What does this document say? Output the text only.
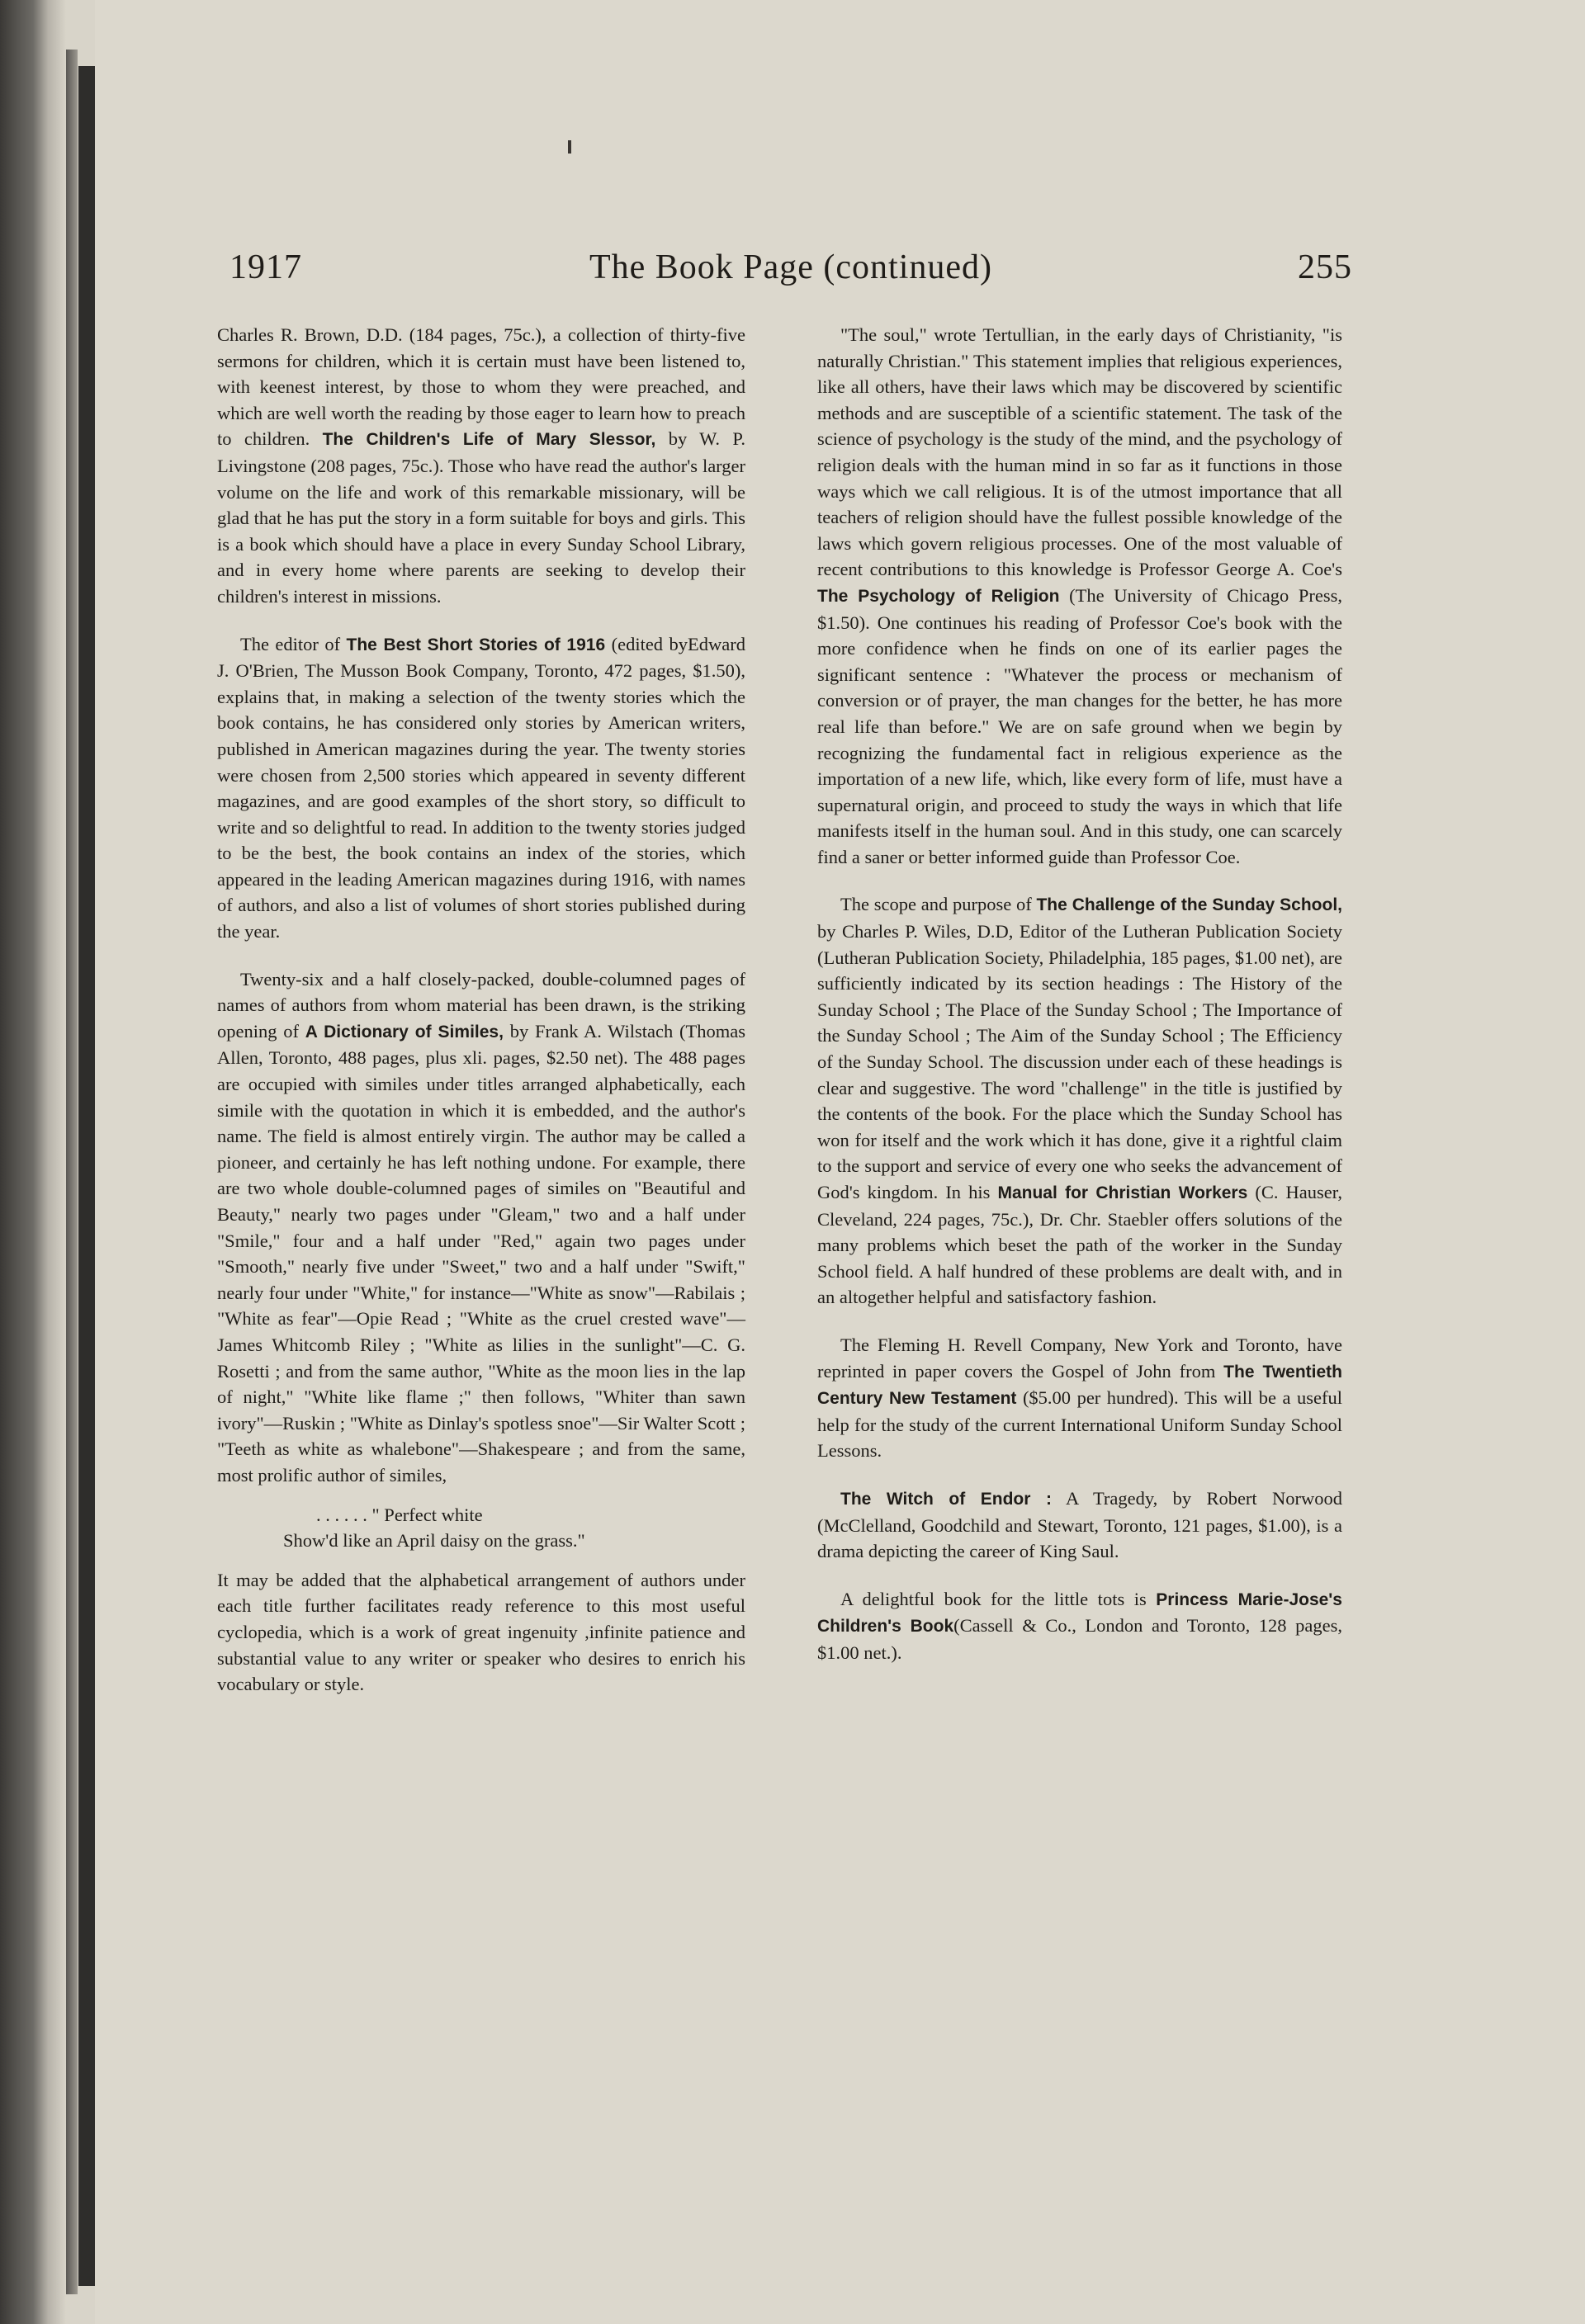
1917	The Book Page (continued)	255

Charles R. Brown, D.D. (184 pages, 75c.), a collection of thirty-five sermons for children, which it is certain must have been listened to, with keenest interest, by those to whom they were preached, and which are well worth the reading by those eager to learn how to preach to children. The Children's Life of Mary Slessor, by W. P. Livingstone (208 pages, 75c.). Those who have read the author's larger volume on the life and work of this remarkable missionary, will be glad that he has put the story in a form suitable for boys and girls. This is a book which should have a place in every Sunday School Library, and in every home where parents are seeking to develop their children's interest in missions.

The editor of The Best Short Stories of 1916 (edited byEdward J. O'Brien, The Musson Book Company, Toronto, 472 pages, $1.50), explains that, in making a selection of the twenty stories which the book contains, he has considered only stories by American writers, published in American magazines during the year. The twenty stories were chosen from 2,500 stories which appeared in seventy different magazines, and are good examples of the short story, so difficult to write and so delightful to read. In addition to the twenty stories judged to be the best, the book contains an index of the stories, which appeared in the leading American magazines during 1916, with names of authors, and also a list of volumes of short stories published during the year.

Twenty-six and a half closely-packed, double-columned pages of names of authors from whom material has been drawn, is the striking opening of A Dictionary of Similes, by Frank A. Wilstach (Thomas Allen, Toronto, 488 pages, plus xli. pages, $2.50 net). The 488 pages are occupied with similes under titles arranged alphabetically, each simile with the quotation in which it is embedded, and the author's name. The field is almost entirely virgin. The author may be called a pioneer, and certainly he has left nothing undone. For example, there are two whole double-columned pages of similes on "Beautiful and Beauty," nearly two pages under "Gleam," two and a half under "Smile," four and a half under "Red," again two pages under "Smooth," nearly five under "Sweet," two and a half under "Swift," nearly four under "White," for instance—"White as snow"—Rabilais ; "White as fear"—Opie Read ; "White as the cruel crested wave"—James Whitcomb Riley ; "White as lilies in the sunlight"—C. G. Rosetti ; and from the same author, "White as the moon lies in the lap of night," "White like flame ;" then follows, "Whiter than sawn ivory"—Ruskin ; "White as Dinlay's spotless snoe"—Sir Walter Scott ; "Teeth as white as whalebone"—Shakespeare ; and from the same, most prolific author of similes,

. . . . . . " Perfect white
Show'd like an April daisy on the grass."

It may be added that the alphabetical arrangement of authors under each title further facilitates ready reference to this most useful cyclopedia, which is a work of great ingenuity ,infinite patience and substantial value to any writer or speaker who desires to enrich his vocabulary or style.

"The soul," wrote Tertullian, in the early days of Christianity, "is naturally Christian." This statement implies that religious experiences, like all others, have their laws which may be discovered by scientific methods and are susceptible of a scientific statement. The task of the science of psychology is the study of the mind, and the psychology of religion deals with the human mind in so far as it functions in those ways which we call religious. It is of the utmost importance that all teachers of religion should have the fullest possible knowledge of the laws which govern religious processes. One of the most valuable of recent contributions to this knowledge is Professor George A. Coe's The Psychology of Religion (The University of Chicago Press, $1.50). One continues his reading of Professor Coe's book with the more confidence when he finds on one of its earlier pages the significant sentence : "Whatever the process or mechanism of conversion or of prayer, the man changes for the better, he has more real life than before." We are on safe ground when we begin by recognizing the fundamental fact in religious experience as the importation of a new life, which, like every form of life, must have a supernatural origin, and proceed to study the ways in which that life manifests itself in the human soul. And in this study, one can scarcely find a saner or better informed guide than Professor Coe.

The scope and purpose of The Challenge of the Sunday School, by Charles P. Wiles, D.D, Editor of the Lutheran Publication Society (Lutheran Publication Society, Philadelphia, 185 pages, $1.00 net), are sufficiently indicated by its section headings : The History of the Sunday School ; The Place of the Sunday School ; The Importance of the Sunday School ; The Aim of the Sunday School ; The Efficiency of the Sunday School. The discussion under each of these headings is clear and suggestive. The word "challenge" in the title is justified by the contents of the book. For the place which the Sunday School has won for itself and the work which it has done, give it a rightful claim to the support and service of every one who seeks the advancement of God's kingdom. In his Manual for Christian Workers (C. Hauser, Cleveland, 224 pages, 75c.), Dr. Chr. Staebler offers solutions of the many problems which beset the path of the worker in the Sunday School field. A half hundred of these problems are dealt with, and in an altogether helpful and satisfactory fashion.

The Fleming H. Revell Company, New York and Toronto, have reprinted in paper covers the Gospel of John from The Twentieth Century New Testament ($5.00 per hundred). This will be a useful help for the study of the current International Uniform Sunday School Lessons.

The Witch of Endor : A Tragedy, by Robert Norwood (McClelland, Goodchild and Stewart, Toronto, 121 pages, $1.00), is a drama depicting the career of King Saul.

A delightful book for the little tots is Princess Marie-Jose's Children's Book(Cassell & Co., London and Toronto, 128 pages, $1.00 net.).
